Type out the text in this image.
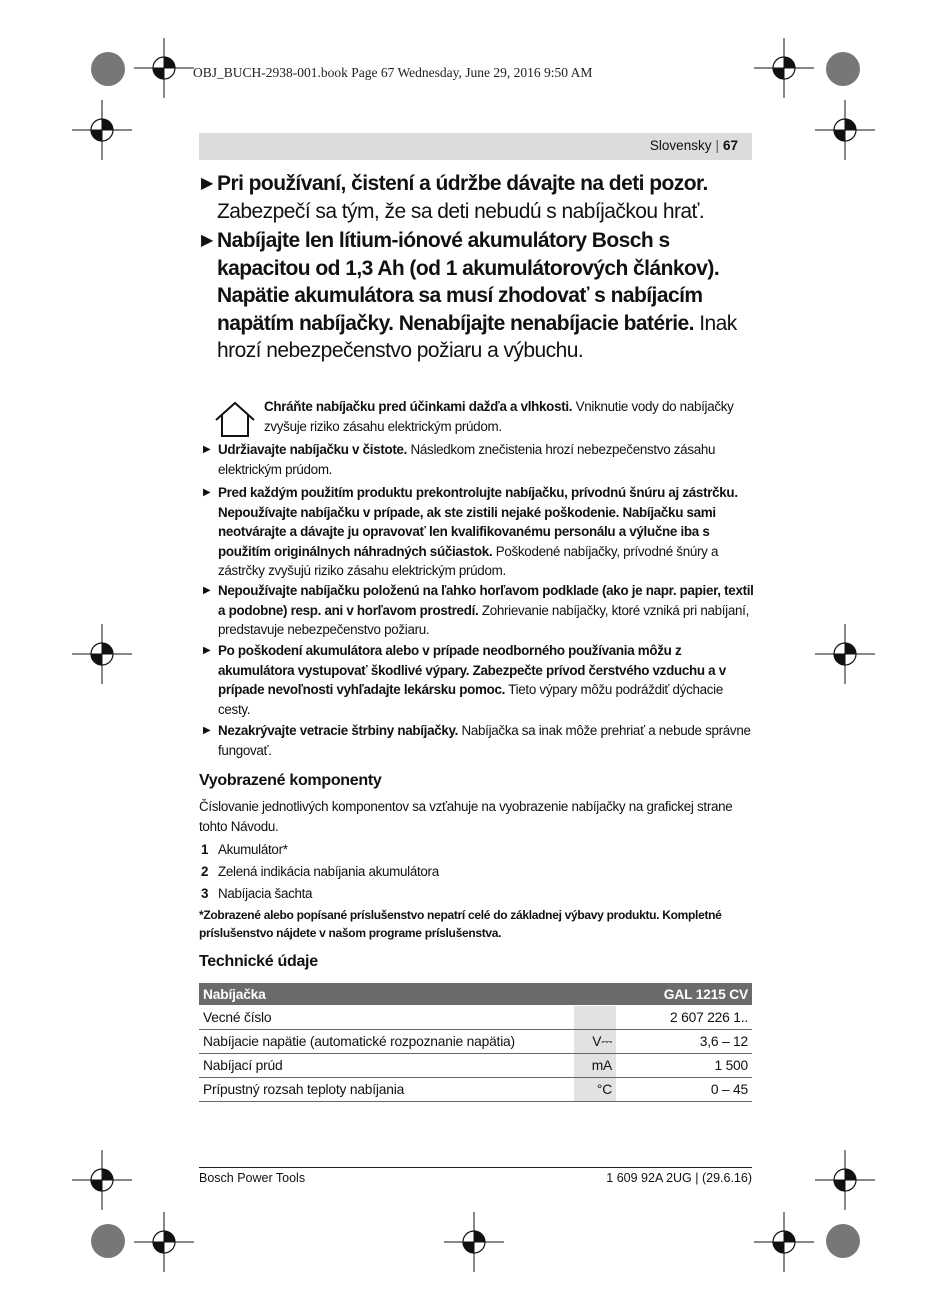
OBJ_BUCH-2938-001.book Page 67 Wednesday, June 29, 2016 9:50 AM
Slovensky | 67
▶ Pri používaní, čistení a údržbe dávajte na deti pozor. Zabezpečí sa tým, že sa deti nebudú s nabíjačkou hrať.
▶ Nabíjajte len lítium-iónové akumulátory Bosch s kapacitou od 1,3 Ah (od 1 akumulátorových článkov). Napätie akumulátora sa musí zhodovať s nabíjacím napätím nabíjačky. Nenabíjajte nenabíjacie batérie. Inak hrozí nebezpečenstvo požiaru a výbuchu.
Chráňte nabíjačku pred účinkami dažďa a vlhkosti. Vniknutie vody do nabíjačky zvyšuje riziko zásahu elektrickým prúdom.
▶ Udržiavajte nabíjačku v čistote. Následkom znečistenia hrozí nebezpečenstvo zásahu elektrickým prúdom.
▶ Pred každým použitím produktu prekontrolujte nabíjačku, prívodnú šnúru aj zástrčku. Nepoužívajte nabíjačku v prípade, ak ste zistili nejaké poškodenie. Nabíjačku sami neotvárajte a dávajte ju opravovať len kvalifikovanému personálu a výlučne iba s použitím originálnych náhradných súčiastok. Poškodené nabíjačky, prívodné šnúry a zástrčky zvyšujú riziko zásahu elektrickým prúdom.
▶ Nepoužívajte nabíjačku položenú na ľahko horľavom podklade (ako je napr. papier, textil a podobne) resp. ani v horľavom prostredí. Zohrievanie nabíjačky, ktoré vzniká pri nabíjaní, predstavuje nebezpečenstvo požiaru.
▶ Po poškodení akumulátora alebo v prípade neodborného používania môžu z akumulátora vystupovať škodlivé výpary. Zabezpečte prívod čerstvého vzduchu a v prípade nevoľnosti vyhľadajte lekársku pomoc. Tieto výpary môžu podráždiť dýchacie cesty.
▶ Nezakrývajte vetracie štrbiny nabíjačky. Nabíjačka sa inak môže prehriať a nebude správne fungovať.
Vyobrazené komponenty
Číslovanie jednotlivých komponentov sa vzťahuje na vyobrazenie nabíjačky na grafickej strane tohto Návodu.
1 Akumulátor*
2 Zelená indikácia nabíjania akumulátora
3 Nabíjacia šachta
*Zobrazené alebo popísané príslušenstvo nepatrí celé do základnej výbavy produktu. Kompletné príslušenstvo nájdete v našom programe príslušenstva.
Technické údaje
Nabíjačka		GAL 1215 CV
Vecné číslo		2 607 226 1..
Nabíjacie napätie (automatické rozpoznanie napätia)	V⎓	3,6 – 12
Nabíjací prúd	mA	1 500
Prípustný rozsah teploty nabíjania	°C	0 – 45
Bosch Power Tools	1 609 92A 2UG | (29.6.16)
